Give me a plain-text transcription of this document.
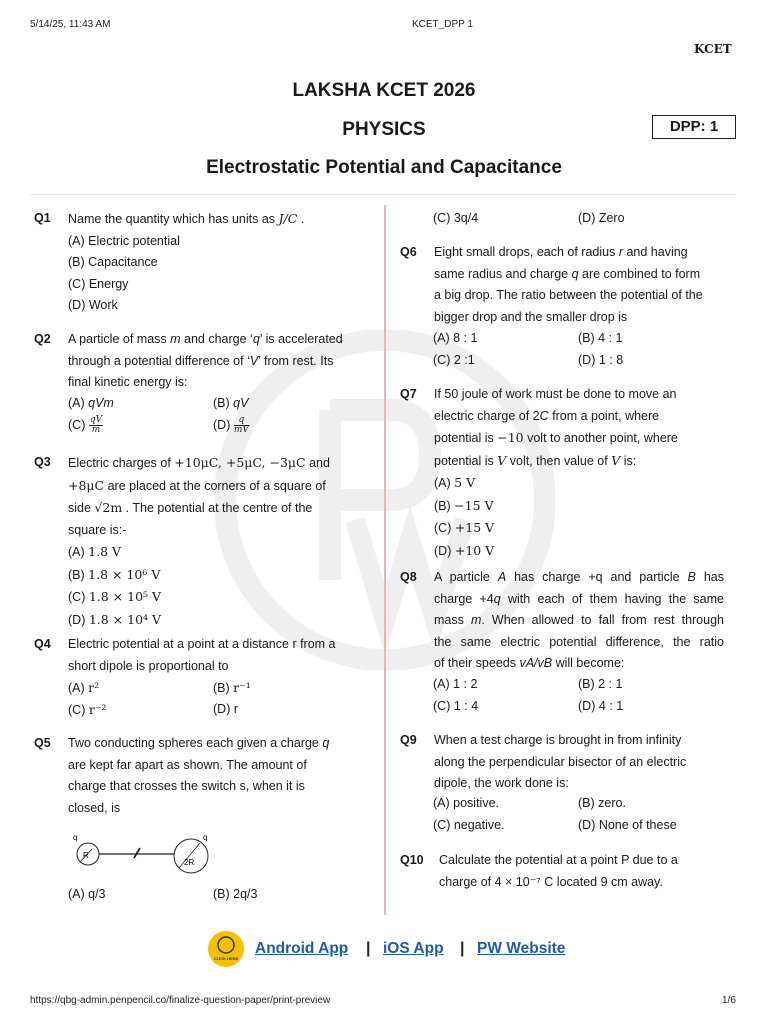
5/14/25, 11:43 AM	KCET_DPP 1
KCET
LAKSHA KCET 2026
PHYSICS	DPP: 1
Electrostatic Potential and Capacitance
Q1 Name the quantity which has units as J/C .
(A) Electric potential
(B) Capacitance
(C) Energy
(D) Work
Q2 A particle of mass m and charge ‘q’ is accelerated
through a potential difference of ‘V’ from rest. Its
final kinetic energy is:
(A) qVm	(B) qV
$(C) \frac{qV}{m}$	$(D) \frac{q}{mV}$
Q3 Electric charges of +10μC, +5μC, −3μC and
+8μC are placed at the corners of a square of
side √2m . The potential at the centre of the
square is:-
(A) 1.8 V
(B) 1.8 × 10⁶ V
(C) 1.8 × 10⁵ V
(D) 1.8 × 10⁴ V
Q4 Electric potential at a point at a distance r from a
short dipole is proportional to
(A) r²	(B) r⁻¹
(C) r⁻²	(D) r
Q5 Two conducting spheres each given a charge q
are kept far apart as shown. The amount of
charge that crosses the switch s, when it is
closed, is
q
R
q
2R
(A) q/3	(B) 2q/3
(C) 3q/4	(D) Zero
Q6 Eight small drops, each of radius r and having
same radius and charge q are combined to form
a big drop. The ratio between the potential of the
bigger drop and the smaller drop is
(A) 8 : 1	(B) 4 : 1
(C) 2 :1	(D) 1 : 8
Q7 If 50 joule of work must be done to move an
electric charge of 2C from a point, where
potential is −10 volt to another point, where
potential is V volt, then value of V is:
(A) 5 V
(B) −15 V
(C) +15 V
(D) +10 V
Q8 A particle A has charge +q and particle B has
charge +4q with each of them having the same
mass m. When allowed to fall from rest through
the same electric potential difference, the ratio
of their speeds vA/vB will become:
(A) 1 : 2	(B) 2 : 1
(C) 1 : 4	(D) 4 : 1
Q9 When a test charge is brought in from infinity
along the perpendicular bisector of an electric
dipole, the work done is:
(A) positive.	(B) zero.
(C) negative.	(D) None of these
Q10 Calculate the potential at a point P due to a
charge of 4 × 10⁻⁷ C located 9 cm away.
CLICK HERE
Android App | iOS App | PW Website
https://qbg-admin.penpencil.co/finalize-question-paper/print-preview	1/6
